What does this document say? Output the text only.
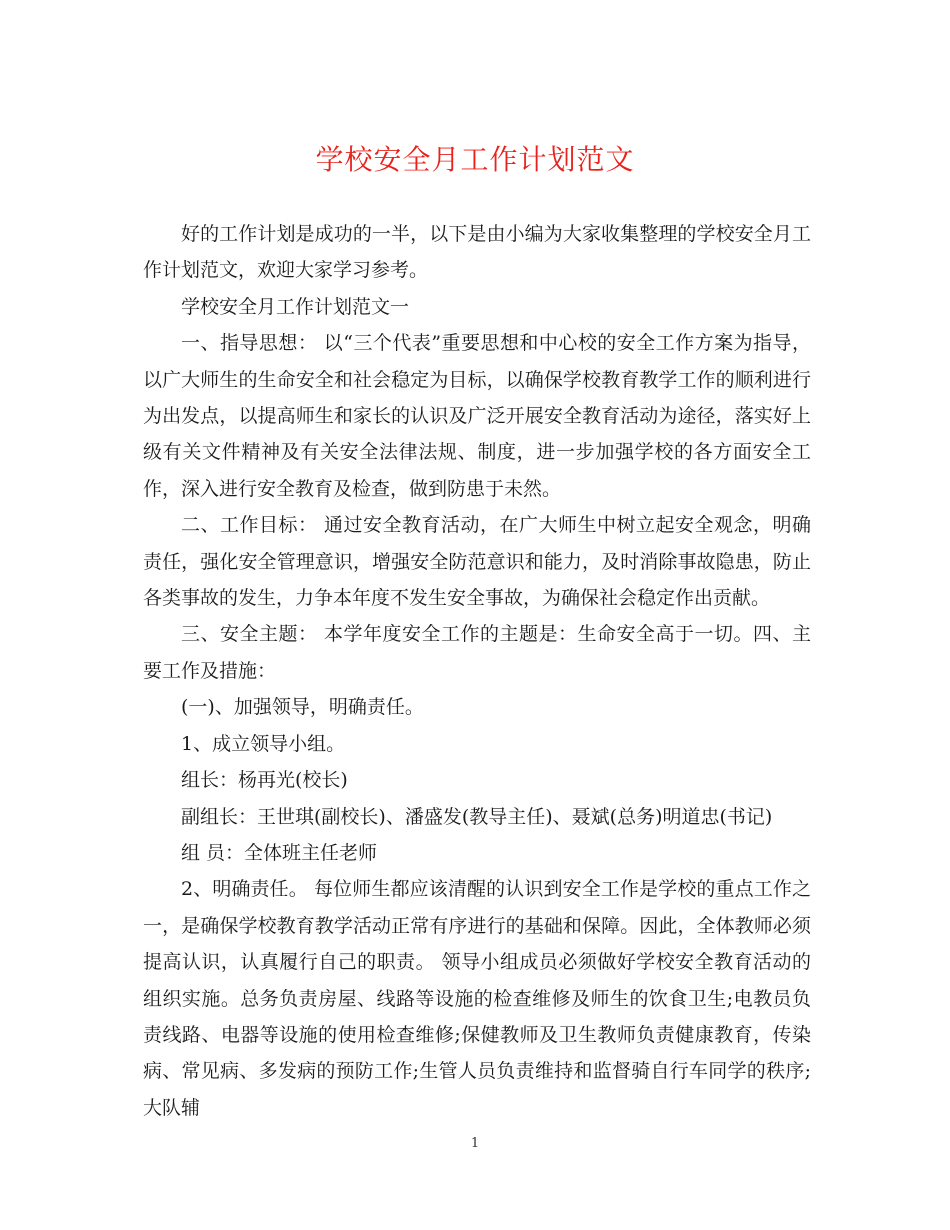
学校安全月工作计划范文

好的工作计划是成功的一半，以下是由小编为大家收集整理的学校安全月工作计划范文，欢迎大家学习参考。

学校安全月工作计划范文一

一、指导思想： 以“三个代表”重要思想和中心校的安全工作方案为指导，以广大师生的生命安全和社会稳定为目标，以确保学校教育教学工作的顺利进行为出发点，以提高师生和家长的认识及广泛开展安全教育活动为途径，落实好上级有关文件精神及有关安全法律法规、制度，进一步加强学校的各方面安全工作，深入进行安全教育及检查，做到防患于未然。

二、工作目标： 通过安全教育活动，在广大师生中树立起安全观念，明确责任，强化安全管理意识，增强安全防范意识和能力，及时消除事故隐患，防止各类事故的发生，力争本年度不发生安全事故，为确保社会稳定作出贡献。

三、安全主题： 本学年度安全工作的主题是：生命安全高于一切。四、主要工作及措施：

(一)、加强领导，明确责任。

1、成立领导小组。

组长：杨再光(校长)

副组长：王世琪(副校长)、潘盛发(教导主任)、聂斌(总务)明道忠(书记)

组 员：全体班主任老师

2、明确责任。 每位师生都应该清醒的认识到安全工作是学校的重点工作之一，是确保学校教育教学活动正常有序进行的基础和保障。因此，全体教师必须提高认识，认真履行自己的职责。 领导小组成员必须做好学校安全教育活动的组织实施。总务负责房屋、线路等设施的检查维修及师生的饮食卫生;电教员负责线路、电器等设施的使用检查维修;保健教师及卫生教师负责健康教育，传染病、常见病、多发病的预防工作;生管人员负责维持和监督骑自行车同学的秩序;大队辅

1
